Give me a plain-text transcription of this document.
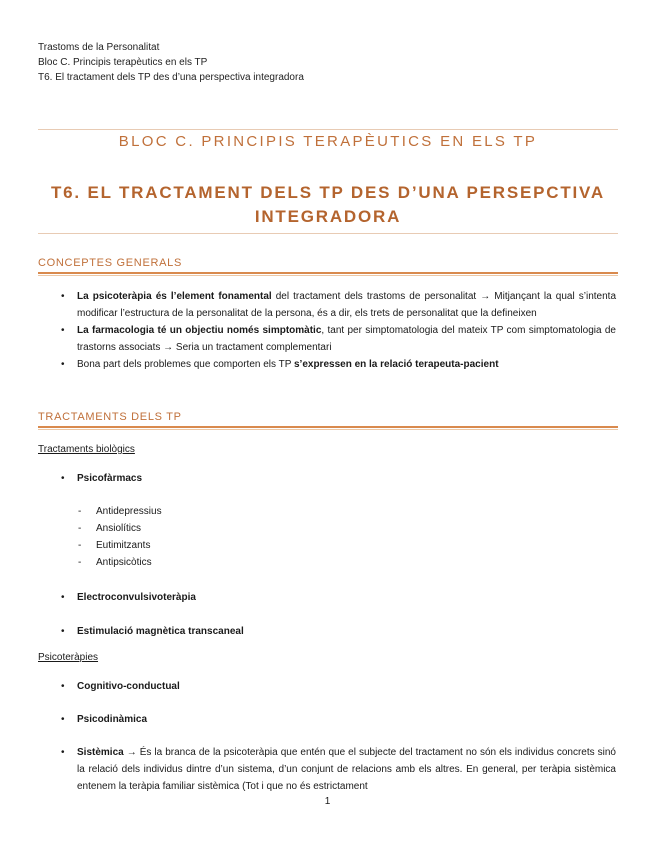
Trastoms de la Personalitat
Bloc C. Principis terapèutics en els TP
T6. El tractament dels TP des d’una perspectiva integradora
BLOC C. PRINCIPIS TERAPÈUTICS EN ELS TP
T6. EL TRACTAMENT DELS TP DES D’UNA PERSEPCTIVA INTEGRADORA
CONCEPTES GENERALS
• La psicoteràpia és l’element fonamental del tractament dels trastoms de personalitat → Mitjançant la qual s’intenta modificar l’estructura de la personalitat de la persona, és a dir, els trets de personalitat que la defineixen
• La farmacologia té un objectiu només simptomàtic, tant per simptomatologia del mateix TP com simptomatologia de trastorns associats → Seria un tractament complementari
• Bona part dels problemes que comporten els TP s’expressen en la relació terapeuta-pacient
TRACTAMENTS DELS TP
Tractaments biològics
•	Psicofàrmacs
- Antidepressius
- Ansiolítics
- Eutimitzants
- Antipsicòtics
•	Electroconvulsivoteràpia
•	Estimulació magnètica transcaneal
Psicoteràpies
•	Cognitivo-conductual
•	Psicodinàmica
•	Sistèmica → És la branca de la psicoteràpia que entén que el subjecte del tractament no són els individus concrets sinó la relació dels individus dintre d’un sistema, d’un conjunt de relacions amb els altres. En general, per teràpia sistèmica entenem la teràpia familiar sistèmica (Tot i que no és estrictament
1
